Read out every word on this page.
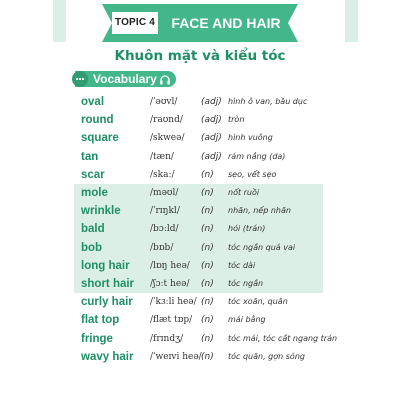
TOPIC 4	FACE AND HAIR
Khuôn mặt và kiểu tóc
Vocabulary
oval	/ˈəʊvl/	(adj) hình ô van, bầu dục
round	/raʊnd/ (adj) tròn
square	/skweə/ (adj) hình vuông
tan	/tæn/	(adj) rám nắng (da)
scar	/skaː/	(n) sẹo, vết sẹo
mole	/məʊl/	(n) nốt ruồi
wrinkle	/ˈrɪŋkl/ (n) nhăn, nếp nhăn
bald	/bɔːld/ (n) hói (trán)
bob	/bɒb/	(n) tóc ngắn quá vai
long hair /lɒŋ heə/ (n) tóc dài
short hair /ʃɔːt heə/ (n) tóc ngắn
curly hair /ˈkɜːli heə/ (n) tóc xoăn, quăn
flat top	/flæt tɒp/ (n) mái bằng
fringe	/frɪndʒ/ (n) tóc mái, tóc cắt ngang trán
wavy hair /ˈweɪvi heə/ (n) tóc quăn, gợn sóng
